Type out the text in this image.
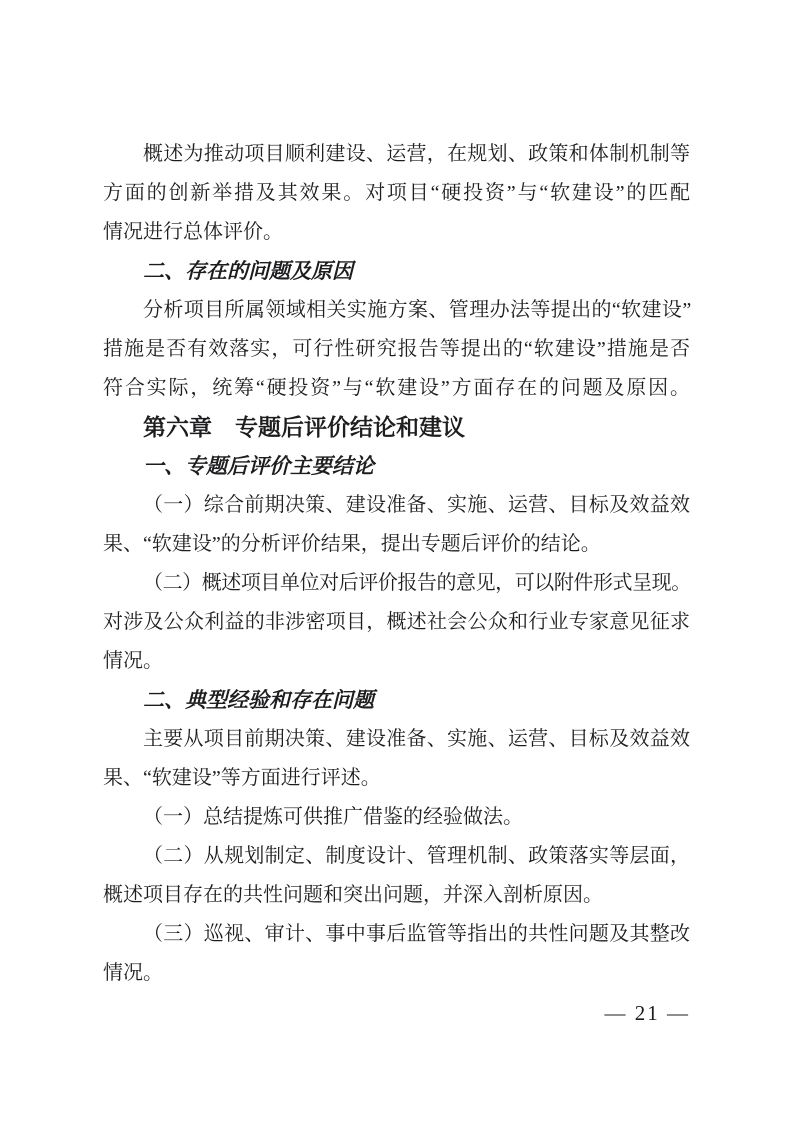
概述为推动项目顺利建设、运营，在规划、政策和体制机制等
方面的创新举措及其效果。对项目“硬投资”与“软建设”的匹配
情况进行总体评价。
二、存在的问题及原因
分析项目所属领域相关实施方案、管理办法等提出的“软建设”
措施是否有效落实，可行性研究报告等提出的“软建设”措施是否
符合实际，统筹“硬投资”与“软建设”方面存在的问题及原因。
第六章　专题后评价结论和建议
一、专题后评价主要结论
（一）综合前期决策、建设准备、实施、运营、目标及效益效
果、“软建设”的分析评价结果，提出专题后评价的结论。
（二）概述项目单位对后评价报告的意见，可以附件形式呈现。
对涉及公众利益的非涉密项目，概述社会公众和行业专家意见征求
情况。
二、典型经验和存在问题
主要从项目前期决策、建设准备、实施、运营、目标及效益效
果、“软建设”等方面进行评述。
（一）总结提炼可供推广借鉴的经验做法。
（二）从规划制定、制度设计、管理机制、政策落实等层面，
概述项目存在的共性问题和突出问题，并深入剖析原因。
（三）巡视、审计、事中事后监管等指出的共性问题及其整改
情况。
— 21 —
